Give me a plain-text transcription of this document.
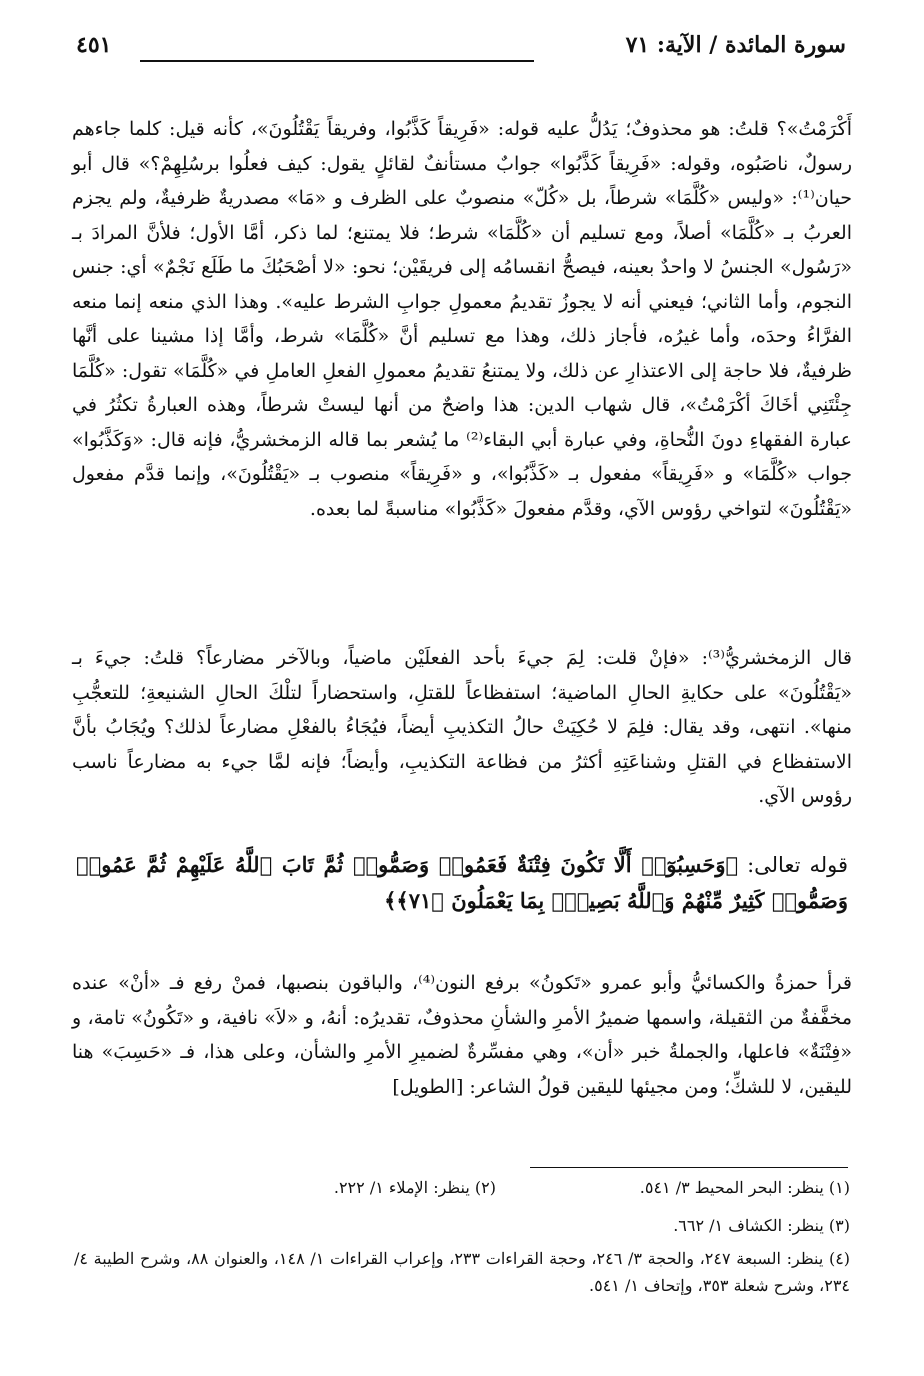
سورة المائدة / الآية: ٧١
٤٥١

أَكْرَمْتُ»؟ قلتُ: هو محذوفٌ؛ يَدُلُّ عليه قوله: «فَرِيقاً كَذَّبُوا، وفريقاً يَقْتُلُونَ»، كأنه قيل: كلما جاءهم رسولٌ، ناصَبُوه، وقوله: «فَرِيقاً كَذَّبُوا» جوابٌ مستأنفٌ لقائلٍ يقول: كيف فعلُوا برسُلِهِمْ؟» قال أبو حيان⁽¹⁾: «وليس «كُلَّمَا» شرطاً، بل «كُلّ» منصوبٌ على الظرف و «مَا» مصدريةٌ ظرفيةٌ، ولم يجزم العربُ بـ «كُلَّمَا» أصلاً، ومع تسليم أن «كُلَّمَا» شرط؛ فلا يمتنع؛ لما ذكر، أمَّا الأول؛ فلأنَّ المرادَ بـ «رَسُول» الجنسُ لا واحدٌ بعينه، فيصحُّ انقسامُه إلى فريقَيْن؛ نحو: «لا أصْحَبُكَ ما طَلَع نَجْمٌ» أي: جنس النجوم، وأما الثاني؛ فيعني أنه لا يجوزُ تقديمُ معمولِ جوابِ الشرط عليه». وهذا الذي منعه إنما منعه الفرَّاءُ وحدَه، وأما غيرُه، فأجاز ذلك، وهذا مع تسليم أنَّ «كُلَّمَا» شرط، وأمَّا إذا مشينا على أنَّها ظرفيةٌ، فلا حاجة إلى الاعتذارِ عن ذلك، ولا يمتنعُ تقديمُ معمولِ الفعلِ العاملِ في «كُلَّمَا» تقول: «كُلَّمَا جِئْتَنِي أخَاكَ أكْرَمْتُ»، قال شهاب الدين: هذا واضحٌ من أنها ليستْ شرطاً، وهذه العبارةُ تكثُرُ في عبارة الفقهاءِ دونَ النُّحاةِ، وفي عبارة أبي البقاء⁽²⁾ ما يُشعر بما قاله الزمخشريُّ، فإنه قال: «وَكَذَّبُوا» جواب «كُلَّمَا» و «فَرِيقاً» مفعول بـ «كَذَّبُوا»، و «فَرِيقاً» منصوب بـ «يَقْتُلُونَ»، وإنما قدَّم مفعول «يَقْتُلُونَ» لتواخي رؤوس الآي، وقدَّم مفعولَ «كَذَّبُوا» مناسبةً لما بعده.

قال الزمخشريُّ⁽³⁾: «فإنْ قلت: لِمَ جيءَ بأحد الفعلَيْن ماضياً، وبالآخر مضارعاً؟ قلتُ: جيءَ بـ «يَقْتُلُونَ» على حكايةِ الحالِ الماضية؛ استفظاعاً للقتلِ، واستحضاراً لتلْكَ الحالِ الشنيعةِ؛ للتعجُّبِ منها». انتهى، وقد يقال: فلِمَ لا حُكِيَتْ حالُ التكذيبِ أيضاً، فيُجَاءُ بالفعْلِ مضارعاً لذلك؟ ويُجَابُ بأنَّ الاستفظاع في القتلِ وشناعَتِهِ أكثرُ من فظاعة التكذيبِ، وأيضاً؛ فإنه لمَّا جيء به مضارعاً ناسب رؤوس الآي.

قوله تعالى: ﴿وَحَسِبُوٓا۟ أَلَّا تَكُونَ فِتْنَةٌ فَعَمُوا۟ وَصَمُّوا۟ ثُمَّ تَابَ ٱللَّهُ عَلَيْهِمْ ثُمَّ عَمُوا۟ وَصَمُّوا۟ كَثِيرٌ مِّنْهُمْ وَٱللَّهُ بَصِيرٌۢ بِمَا يَعْمَلُونَ ﴿٧١﴾﴾

قرأ حمزةُ والكسائيُّ وأبو عمرو «تَكونُ» برفع النون⁽⁴⁾، والباقون بنصبها، فمنْ رفع فـ «أنْ» عنده مخفَّفةٌ من الثقيلة، واسمها ضميرُ الأمرِ والشأنِ محذوفٌ، تقديرُه: أنهُ، و «لاَ» نافية، و «تَكُونُ» تامة، و «فِتْنَةٌ» فاعلها، والجملةُ خبر «أن»، وهي مفسِّرةٌ لضميرِ الأمرِ والشأن، وعلى هذا، فـ «حَسِبَ» هنا لليقين، لا للشكِّ؛ ومن مجيئها لليقين قولُ الشاعر: [الطويل]

(١) ينظر: البحر المحيط ٣/ ٥٤١.
(٢) ينظر: الإملاء ١/ ٢٢٢.
(٣) ينظر: الكشاف ١/ ٦٦٢.
(٤) ينظر: السبعة ٢٤٧، والحجة ٣/ ٢٤٦، وحجة القراءات ٢٣٣، وإعراب القراءات ١/ ١٤٨، والعنوان ٨٨، وشرح الطيبة ٤/ ٢٣٤، وشرح شعلة ٣٥٣، وإتحاف ١/ ٥٤١.
